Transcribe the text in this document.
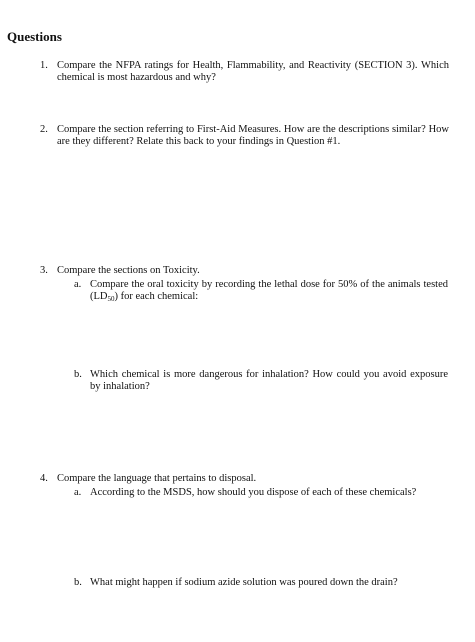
Questions
1. Compare the NFPA ratings for Health, Flammability, and Reactivity (SECTION 3). Which chemical is most hazardous and why?
2. Compare the section referring to First-Aid Measures. How are the descriptions similar? How are they different? Relate this back to your findings in Question #1.
3. Compare the sections on Toxicity.
a. Compare the oral toxicity by recording the lethal dose for 50% of the animals tested $(LD_{50})$ for each chemical:
b. Which chemical is more dangerous for inhalation? How could you avoid exposure by inhalation?
4. Compare the language that pertains to disposal.
a. According to the MSDS, how should you dispose of each of these chemicals?
b. What might happen if sodium azide solution was poured down the drain?
